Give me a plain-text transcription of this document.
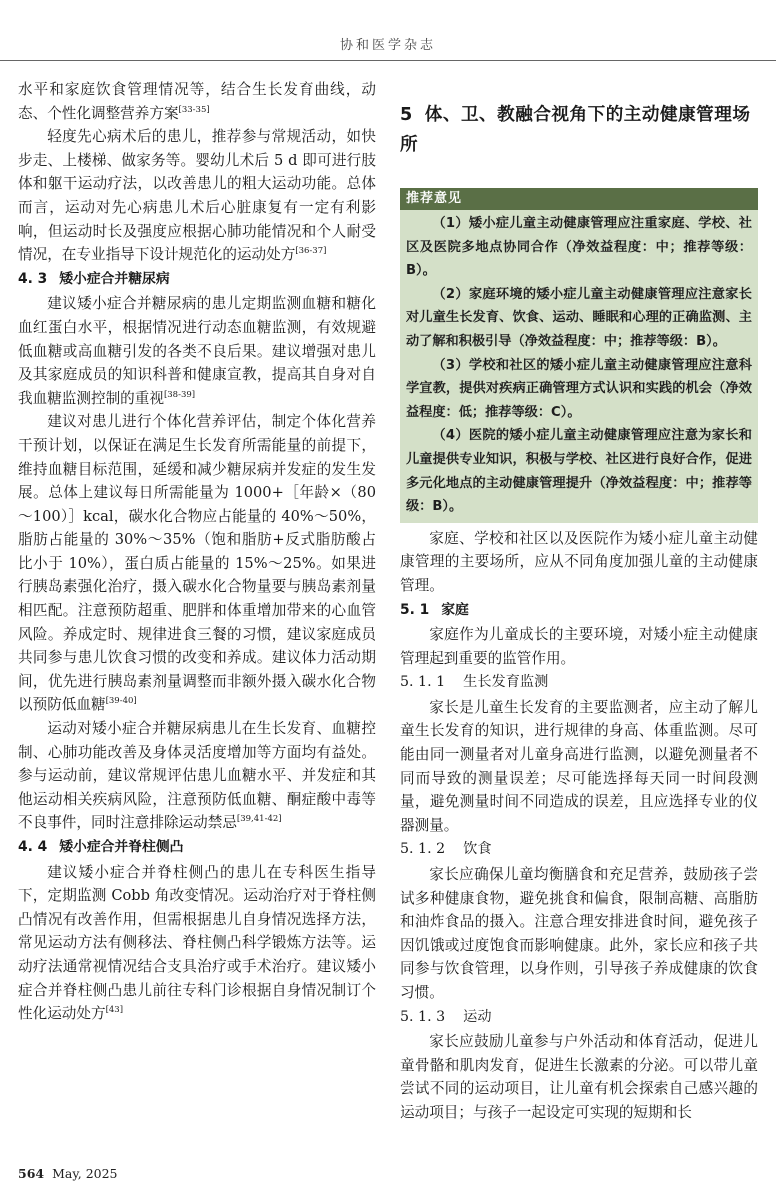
协和医学杂志

水平和家庭饮食管理情况等，结合生长发育曲线，动态、个性化调整营养方案[33-35]

轻度先心病术后的患儿，推荐参与常规活动，如快步走、上楼梯、做家务等。婴幼儿术后 5 d 即可进行肢体和躯干运动疗法，以改善患儿的粗大运动功能。总体而言，运动对先心病患儿术后心脏康复有一定有利影响，但运动时长及强度应根据心肺功能情况和个人耐受情况，在专业指导下设计规范化的运动处方[36-37]

4. 3 矮小症合并糖尿病

建议矮小症合并糖尿病的患儿定期监测血糖和糖化血红蛋白水平，根据情况进行动态血糖监测，有效规避低血糖或高血糖引发的各类不良后果。建议增强对患儿及其家庭成员的知识科普和健康宣教，提高其自身对自我血糖监测控制的重视[38-39]

建议对患儿进行个体化营养评估，制定个体化营养干预计划，以保证在满足生长发育所需能量的前提下，维持血糖目标范围，延缓和减少糖尿病并发症的发生发展。总体上建议每日所需能量为 1000+［年龄×（80～100）］kcal，碳水化合物应占能量的 40%～50%，脂肪占能量的 30%～35%（饱和脂肪+反式脂肪酸占比小于 10%），蛋白质占能量的 15%～25%。如果进行胰岛素强化治疗，摄入碳水化合物量要与胰岛素剂量相匹配。注意预防超重、肥胖和体重增加带来的心血管风险。养成定时、规律进食三餐的习惯，建议家庭成员共同参与患儿饮食习惯的改变和养成。建议体力活动期间，优先进行胰岛素剂量调整而非额外摄入碳水化合物以预防低血糖[39-40]

运动对矮小症合并糖尿病患儿在生长发育、血糖控制、心肺功能改善及身体灵活度增加等方面均有益处。参与运动前，建议常规评估患儿血糖水平、并发症和其他运动相关疾病风险，注意预防低血糖、酮症酸中毒等不良事件，同时注意排除运动禁忌[39,41-42]

4. 4 矮小症合并脊柱侧凸

建议矮小症合并脊柱侧凸的患儿在专科医生指导下，定期监测 Cobb 角改变情况。运动治疗对于脊柱侧凸情况有改善作用，但需根据患儿自身情况选择方法，常见运动方法有侧移法、脊柱侧凸科学锻炼方法等。运动疗法通常视情况结合支具治疗或手术治疗。建议矮小症合并脊柱侧凸患儿前往专科门诊根据自身情况制订个性化运动处方[43]

5 体、卫、教融合视角下的主动健康管理场所
推荐意见

（1）矮小症儿童主动健康管理应注重家庭、学校、社区及医院多地点协同合作（净效益程度：中；推荐等级：B）。

（2）家庭环境的矮小症儿童主动健康管理应注意家长对儿童生长发育、饮食、运动、睡眠和心理的正确监测、主动了解和积极引导（净效益程度：中；推荐等级：B）。

（3）学校和社区的矮小症儿童主动健康管理应注意科学宣教，提供对疾病正确管理方式认识和实践的机会（净效益程度：低；推荐等级：C）。

（4）医院的矮小症儿童主动健康管理应注意为家长和儿童提供专业知识，积极与学校、社区进行良好合作，促进多元化地点的主动健康管理提升（净效益程度：中；推荐等级：B）。

家庭、学校和社区以及医院作为矮小症儿童主动健康管理的主要场所，应从不同角度加强儿童的主动健康管理。

5. 1 家庭

家庭作为儿童成长的主要环境，对矮小症主动健康管理起到重要的监管作用。

5. 1. 1 生长发育监测

家长是儿童生长发育的主要监测者，应主动了解儿童生长发育的知识，进行规律的身高、体重监测。尽可能由同一测量者对儿童身高进行监测，以避免测量者不同而导致的测量误差；尽可能选择每天同一时间段测量，避免测量时间不同造成的误差，且应选择专业的仪器测量。

5. 1. 2 饮食

家长应确保儿童均衡膳食和充足营养，鼓励孩子尝试多种健康食物，避免挑食和偏食，限制高糖、高脂肪和油炸食品的摄入。注意合理安排进食时间，避免孩子因饥饿或过度饱食而影响健康。此外，家长应和孩子共同参与饮食管理，以身作则，引导孩子养成健康的饮食习惯。

5. 1. 3 运动

家长应鼓励儿童参与户外活动和体育活动，促进儿童骨骼和肌肉发育，促进生长激素的分泌。可以带儿童尝试不同的运动项目，让儿童有机会探索自己感兴趣的运动项目；与孩子一起设定可实现的短期和长

564 May, 2025
